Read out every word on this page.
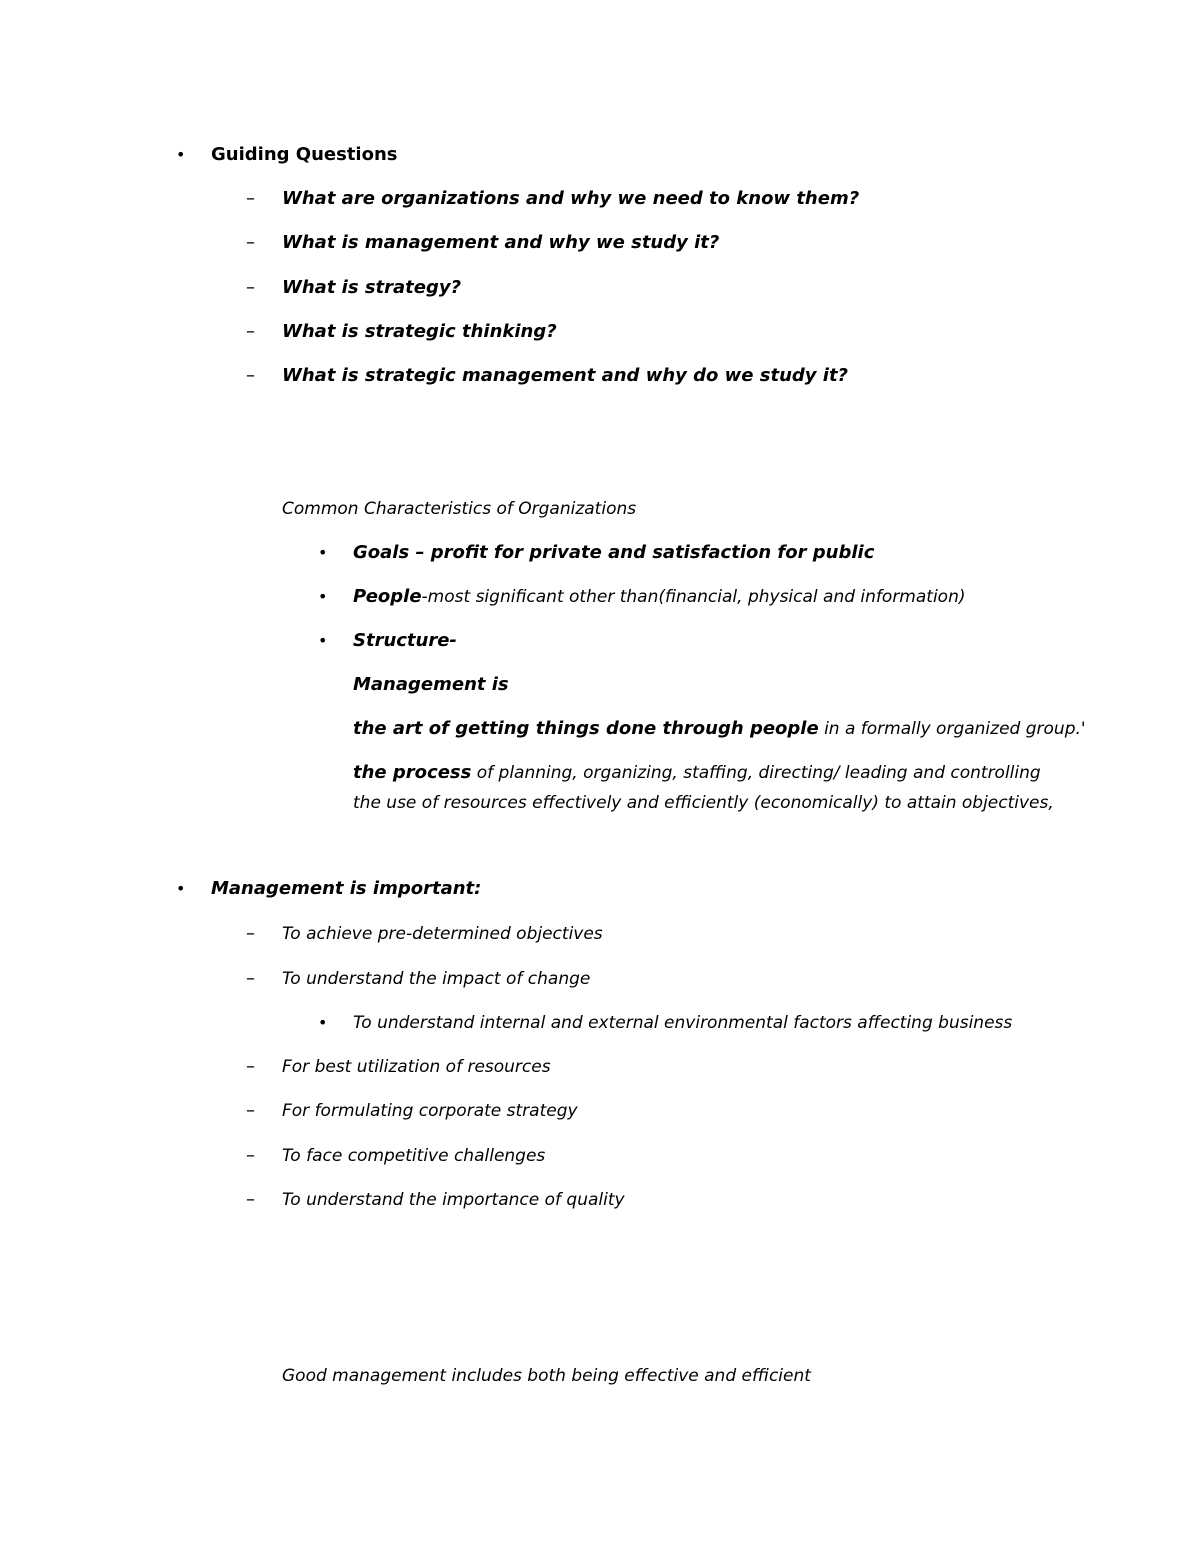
• Guiding Questions
– What are organizations and why we need to know them?
– What is management and why we study it?
– What is strategy?
– What is strategic thinking?
– What is strategic management and why do we study it?
Common Characteristics of Organizations
• Goals – profit for private and satisfaction for public
• People-most significant other than(financial, physical and information)
• Structure-
Management is
the art of getting things done through people in a formally organized group.'
the process of planning, organizing, staffing, directing/ leading and controlling
the use of resources effectively and efficiently (economically) to attain objectives,
• Management is important:
– To achieve pre-determined objectives
– To understand the impact of change
• To understand internal and external environmental factors affecting business
– For best utilization of resources
– For formulating corporate strategy
– To face competitive challenges
– To understand the importance of quality
Good management includes both being effective and efficient
